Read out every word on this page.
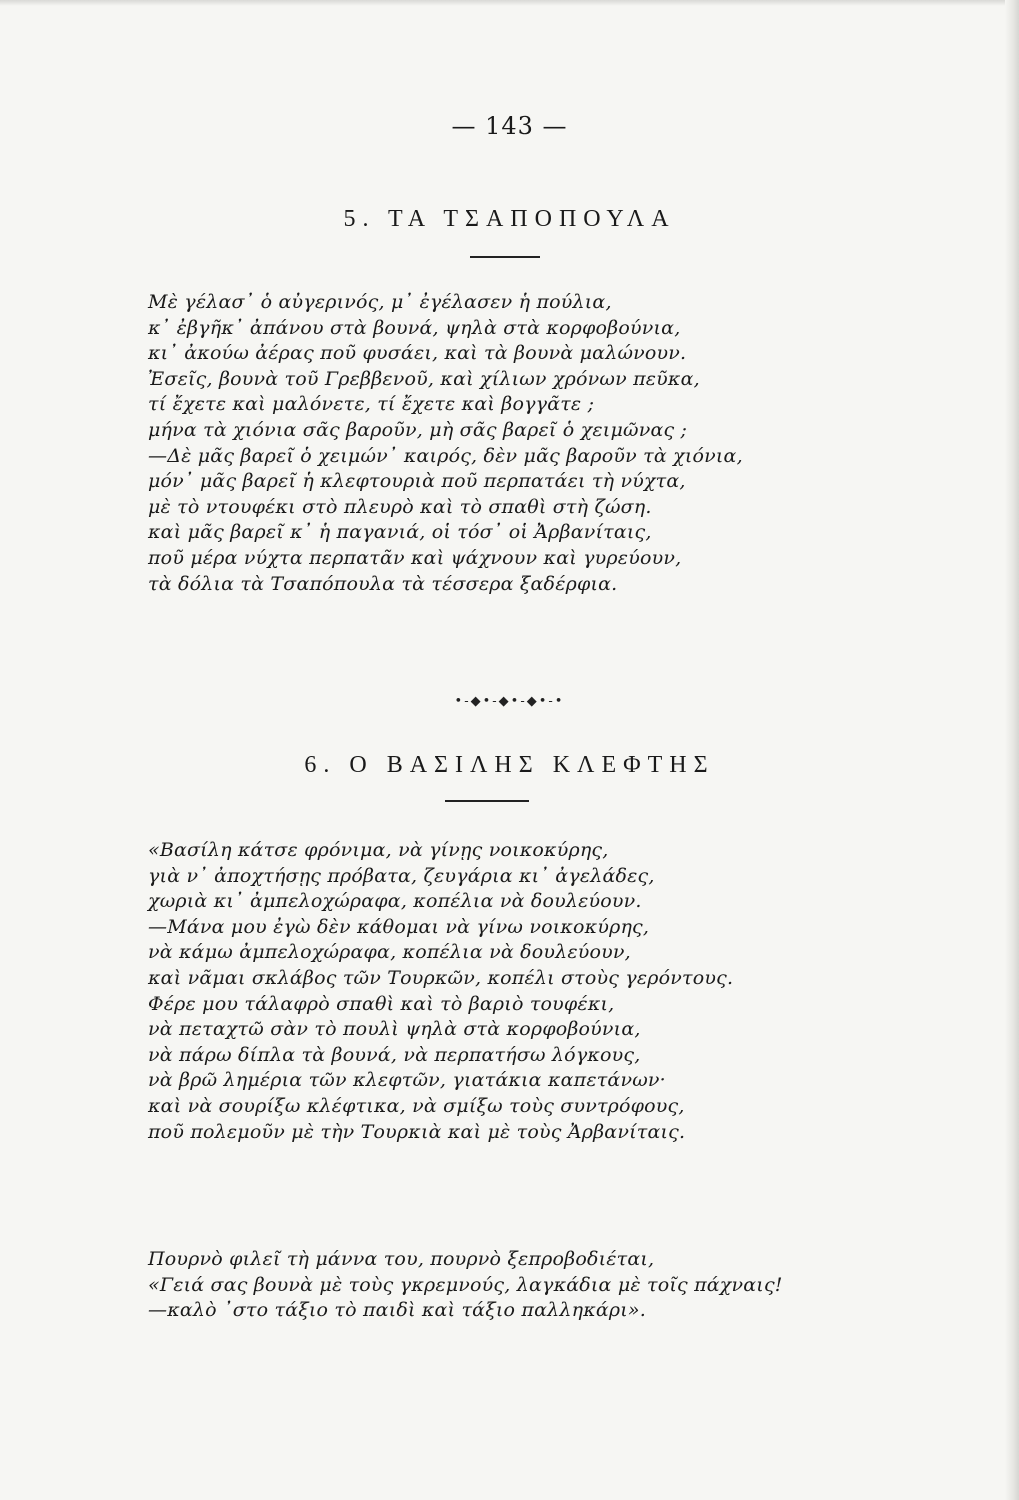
— 143 —
5. ΤΑ ΤΣΑΠΟΠΟΥΛΑ
Μὲ γέλασ᾽ ὁ αὐγερινός, μ᾽ ἐγέλασεν ἡ πούλια,
κ᾽ ἐβγῆκ᾽ ἀπάνου στὰ βουνά, ψηλὰ στὰ κορφοβούνια,
κι᾽ ἀκούω ἀέρας ποῦ φυσάει, καὶ τὰ βουνὰ μαλώνουν.
Ἐσεῖς, βουνὰ τοῦ Γρεββενοῦ, καὶ χίλιων χρόνων πεῦκα,
τί ἔχετε καὶ μαλόνετε, τί ἔχετε καὶ βογγᾶτε ;
μήνα τὰ χιόνια σᾶς βαροῦν, μὴ σᾶς βαρεῖ ὁ χειμῶνας ;
—Δὲ μᾶς βαρεῖ ὁ χειμών᾽ καιρός, δὲν μᾶς βαροῦν τὰ χιόνια,
μόν᾽ μᾶς βαρεῖ ἡ κλεφτουριὰ ποῦ περπατάει τὴ νύχτα,
μὲ τὸ ντουφέκι στὸ πλευρὸ καὶ τὸ σπαθὶ στὴ ζώση.
καὶ μᾶς βαρεῖ κ᾽ ἡ παγανιά, οἱ τόσ᾽ οἱ Ἀρβανίταις,
ποῦ μέρα νύχτα περπατᾶν καὶ ψάχνουν καὶ γυρεύουν,
τὰ δόλια τὰ Τσαπόπουλα τὰ τέσσερα ξαδέρφια.
•-◆•-◆•-◆•-•
6. Ο ΒΑΣΙΛΗΣ ΚΛΕΦΤΗΣ
«Βασίλη κάτσε φρόνιμα, νὰ γίνῃς νοικοκύρης,
γιὰ ν᾽ ἀποχτήσῃς πρόβατα, ζευγάρια κι᾽ ἀγελάδες,
χωριὰ κι᾽ ἀμπελοχώραφα, κοπέλια νὰ δουλεύουν.
—Μάνα μου ἐγὼ δὲν κάθομαι νὰ γίνω νοικοκύρης,
νὰ κάμω ἀμπελοχώραφα, κοπέλια νὰ δουλεύουν,
καὶ νᾶμαι σκλάβος τῶν Τουρκῶν, κοπέλι στοὺς γερόντους.
Φέρε μου τάλαφρὸ σπαθὶ καὶ τὸ βαριὸ τουφέκι,
νὰ πεταχτῶ σὰν τὸ πουλὶ ψηλὰ στὰ κορφοβούνια,
νὰ πάρω δίπλα τὰ βουνά, νὰ περπατήσω λόγκους,
νὰ βρῶ λημέρια τῶν κλεφτῶν, γιατάκια καπετάνων·
καὶ νὰ σουρίξω κλέφτικα, νὰ σμίξω τοὺς συντρόφους,
ποῦ πολεμοῦν μὲ τὴν Τουρκιὰ καὶ μὲ τοὺς Ἀρβανίταις.
Πουρνὸ φιλεῖ τὴ μάννα του, πουρνὸ ξεπροβοδιέται,
«Γειά σας βουνὰ μὲ τοὺς γκρεμνούς, λαγκάδια μὲ τοῖς πάχναις!
—καλὸ ᾽στο τάξιο τὸ παιδὶ καὶ τάξιο παλληκάρι».
